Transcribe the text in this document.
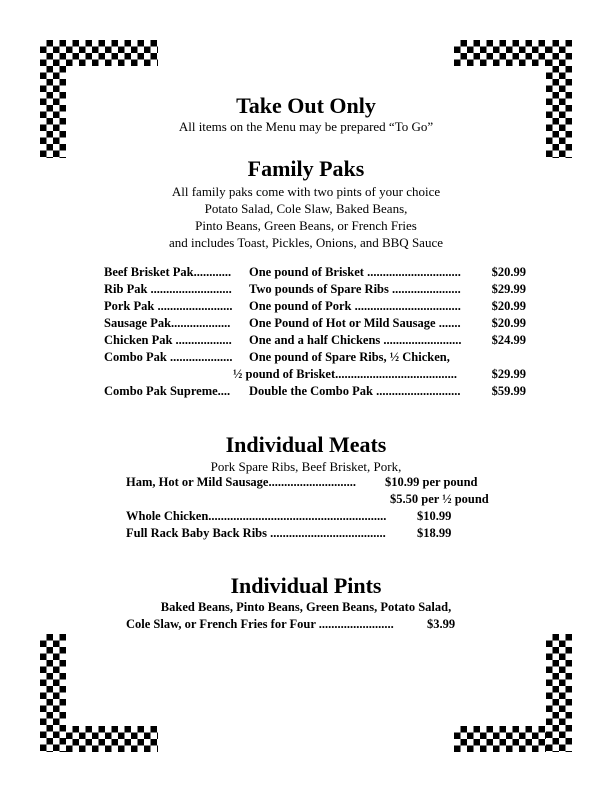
Take Out Only
All items on the Menu may be prepared “To Go”
Family Paks
All family paks come with two pints of your choice
Potato Salad, Cole Slaw, Baked Beans,
Pinto Beans, Green Beans, or French Fries
and includes Toast, Pickles, Onions, and BBQ Sauce
Beef Brisket Pak............ One pound of Brisket .............................. $20.99
Rib Pak .......................... Two pounds of Spare Ribs ...................... $29.99
Pork Pak ........................ One pound of Pork .................................. $20.99
Sausage Pak................... One Pound of Hot or Mild Sausage ....... $20.99
Chicken Pak .................. One and a half Chickens ......................... $24.99
Combo Pak .................... One pound of Spare Ribs, ½ Chicken,
½ pound of Brisket.......................................	$29.99
Combo Pak Supreme.... Double the Combo Pak ........................... $59.99
Individual Meats
Pork Spare Ribs, Beef Brisket, Pork,
Ham, Hot or Mild Sausage............................ $10.99 per pound
$5.50 per ½ pound
Whole Chicken......................................................... $10.99
Full Rack Baby Back Ribs ..................................... $18.99
Individual Pints
Baked Beans, Pinto Beans, Green Beans, Potato Salad,
Cole Slaw, or French Fries for Four ........................	$3.99
